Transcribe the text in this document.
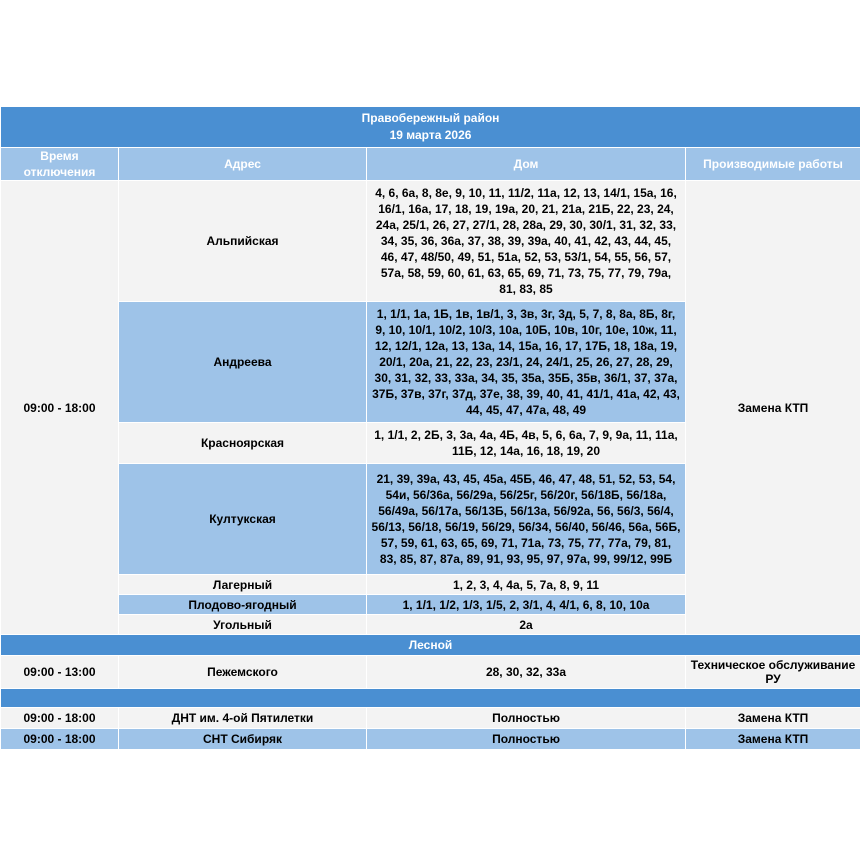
Правобережный район
19 марта 2026			

Время отключения	Адрес	Дом	Производимые работы
09:00 - 18:00	Альпийская	4, 6, 6а, 8, 8е, 9, 10, 11, 11/2, 11а, 12, 13, 14/1, 15а, 16, 16/1, 16а, 17, 18, 19, 19а, 20, 21, 21а, 21Б, 22, 23, 24, 24а, 25/1, 26, 27, 27/1, 28, 28а, 29, 30, 30/1, 31, 32, 33, 34, 35, 36, 36а, 37, 38, 39, 39а, 40, 41, 42, 43, 44, 45, 46, 47, 48/50, 49, 51, 51а, 52, 53, 53/1, 54, 55, 56, 57, 57а, 58, 59, 60, 61, 63, 65, 69, 71, 73, 75, 77, 79, 79а, 81, 83, 85	Замена КТП
	Андреева	1, 1/1, 1а, 1Б, 1в, 1в/1, 3, 3в, 3г, 3д, 5, 7, 8, 8а, 8Б, 8г, 9, 10, 10/1, 10/2, 10/3, 10а, 10Б, 10в, 10г, 10е, 10ж, 11, 12, 12/1, 12а, 13, 13а, 14, 15а, 16, 17, 17Б, 18, 18а, 19, 20/1, 20а, 21, 22, 23, 23/1, 24, 24/1, 25, 26, 27, 28, 29, 30, 31, 32, 33, 33а, 34, 35, 35а, 35Б, 35в, 36/1, 37, 37а, 37Б, 37в, 37г, 37д, 37е, 38, 39, 40, 41, 41/1, 41а, 42, 43, 44, 45, 47, 47а, 48, 49	
	Красноярская	1, 1/1, 2, 2Б, 3, 3а, 4а, 4Б, 4в, 5, 6, 6а, 7, 9, 9а, 11, 11а, 11Б, 12, 14а, 16, 18, 19, 20	
	Култукская	21, 39, 39а, 43, 45, 45а, 45Б, 46, 47, 48, 51, 52, 53, 54, 54и, 56/36а, 56/29а, 56/25г, 56/20г, 56/18Б, 56/18а, 56/49а, 56/17а, 56/13Б, 56/13а, 56/92а, 56, 56/3, 56/4, 56/13, 56/18, 56/19, 56/29, 56/34, 56/40, 56/46, 56а, 56Б, 57, 59, 61, 63, 65, 69, 71, 71а, 73, 75, 77, 77а, 79, 81, 83, 85, 87, 87а, 89, 91, 93, 95, 97, 97а, 99, 99/12, 99Б	
	Лагерный	1, 2, 3, 4, 4а, 5, 7а, 8, 9, 11	
	Плодово-ягодный	1, 1/1, 1/2, 1/3, 1/5, 2, 3/1, 4, 4/1, 6, 8, 10, 10а	
	Угольный	2а	
Лесной			
09:00 - 13:00	Пежемского	28, 30, 32, 33а	Техническое обслуживание РУ

09:00 - 18:00	ДНТ им. 4-ой Пятилетки	Полностью	Замена КТП
09:00 - 18:00	СНТ Сибиряк	Полностью	Замена КТП
